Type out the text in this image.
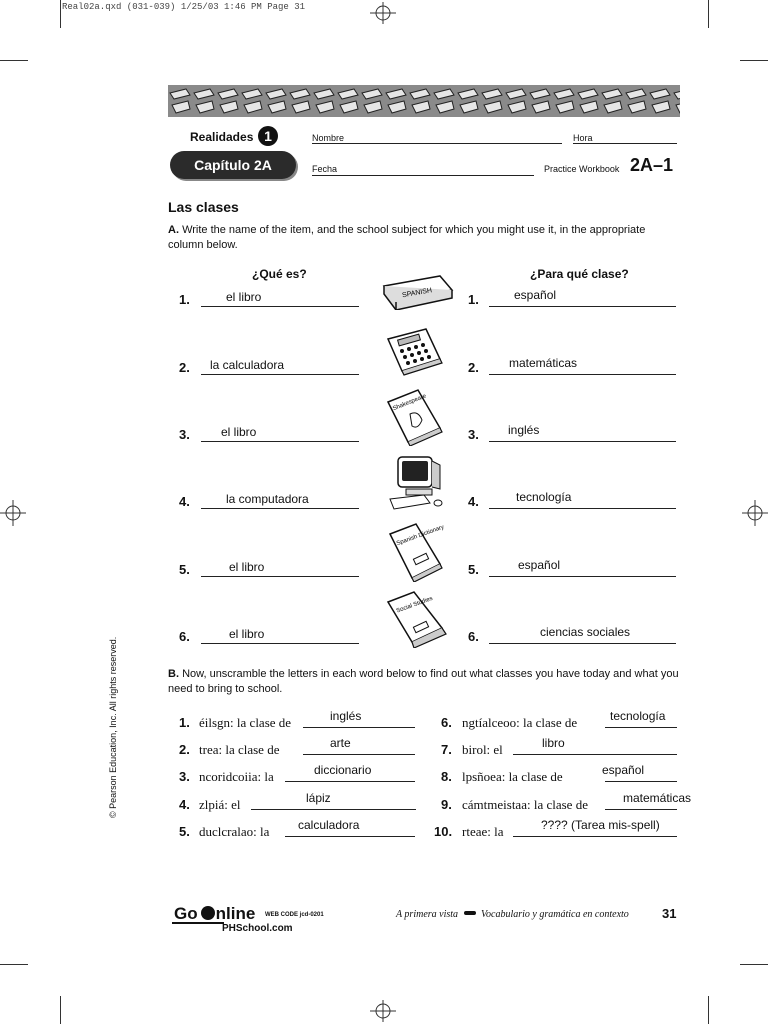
Real02a.qxd (031-039) 1/25/03 1:46 PM Page 31
Realidades 1
Capítulo 2A
Nombre	Hora
Fecha	Practice Workbook 2A–1
Las clases
A. Write the name of the item, and the school subject for which you might use it, in the appropriate column below.
¿Qué es?	¿Para qué clase?
1.	el libro	1.	español
2. la calculadora	2.	matemáticas
3.	el libro	3. inglés
4.	la computadora	4.	tecnología
5.	el libro	5.	español
6.	el libro	6.	ciencias sociales
SPANISH
Shakespeare
Spanish Dictionary
Social Studies
B. Now, unscramble the letters in each word below to find out what classes you have today and what you need to bring to school.
1. éilsgn: la clase de	inglés
2. trea: la clase de	arte
3. ncoridcoiia: la	diccionario
4. zlpiá: el	lápiz
5. duclcralao: la calculadora
6. ngtíalceoo: la clase de	tecnología
7. birol: el	libro
8. lpsñoea: la clase de	español
9. cámtmeistaa: la clase de	matemáticas
10. rteae: la	???? (Tarea mis-spell)
© Pearson Education, Inc. All rights reserved.
Go nline WEB CODE jcd-0201
PHSchool.com
A primera vista Vocabulario y gramática en contexto	31
